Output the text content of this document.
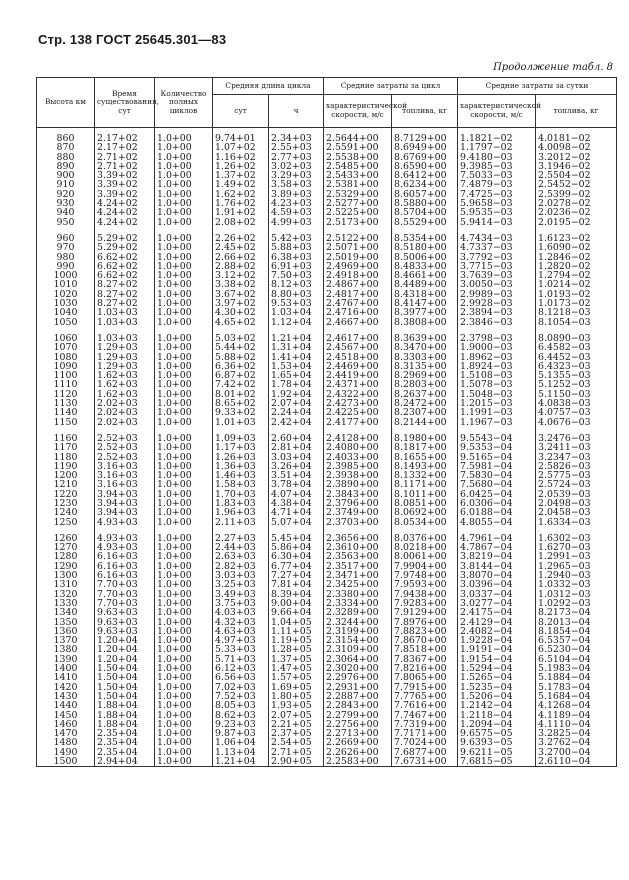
Стр. 138 ГОСТ 25645.301—83
Продолжение табл. 8
Высота км	Время существования, сут	Количество полных циклов	Средняя длина цикла		Средние затраты за цикл		Средние затраты за сутки	
			сут	ч	характеристической скорости, м/с	топлива, кг	характеристической скорости, м/с	топлива, кг
860	2.17+02	1.0+00	9.74+01	2.34+03	2.5644+00	8.7129+00	1.1821−02	4.0181−02
870	2.17+02	1.0+00	1.07+02	2.55+03	2.5591+00	8.6949+00	1.1797−02	4.0098−02
880	2.71+02	1.0+00	1.16+02	2.77+03	2.5538+00	8.6769+00	9.4180−03	3.2012−02
890	2.71+02	1.0+00	1.26+02	3.02+03	2.5485+00	8.6590+00	9.3985−03	3.1946−02
900	3.39+02	1.0+00	1.37+02	3.29+03	2.5433+00	8.6412+00	7.5033−03	2.5504−02
910	3.39+02	1.0+00	1.49+02	3.58+03	2.5381+00	8.6234+00	7.4879−03	2.5452−02
920	3.39+02	1.0+00	1.62+02	3.89+03	2.5329+00	8.6057+00	7.4725−03	2.5399−02
930	4.24+02	1.0+00	1.76+02	4.23+03	2.5277+00	8.5880+00	5.9658−03	2.0278−02
940	4.24+02	1.0+00	1.91+02	4.59+03	2.5225+00	8.5704+00	5.9535−03	2.0236−02
950	4.24+02	1.0+00	2.08+02	4.99+03	2.5173+00	8.5529+00	5.9414−03	2.0195−02

960	5.29+02	1.0+00	2.26+02	5.42+03	2.5122+00	8.5354+00	4.7434−03	1.6123−02
970	5.29+02	1.0+00	2.45+02	5.88+03	2.5071+00	8.5180+00	4.7337−03	1.6090−02
980	6.62+02	1.0+00	2.66+02	6.38+03	2.5019+00	8.5006+00	3.7792−03	1.2846−02
990	6.62+02	1.0+00	2.88+02	6.91+03	2.4969+00	8.4833+00	3.7715−03	1.2820−02
1000	6.62+02	1.0+00	3.12+02	7.50+03	2.4918+00	8.4661+00	3.7639−03	1.2794−02
1010	8.27+02	1.0+00	3.38+02	8.12+03	2.4867+00	8.4489+00	3.0050−03	1.0214−02
1020	8.27+02	1.0+00	3.67+02	8.80+03	2.4817+00	8.4318+00	2.9989−03	1.0193−02
1030	8.27+02	1.0+00	3.97+02	9.53+03	2.4767+00	8.4147+00	2.9928−03	1.0173−02
1040	1.03+03	1.0+00	4.30+02	1.03+04	2.4716+00	8.3977+00	2.3894−03	8.1218−03
1050	1.03+03	1.0+00	4.65+02	1.12+04	2.4667+00	8.3808+00	2.3846−03	8.1054−03

1060	1.03+03	1.0+00	5.03+02	1.21+04	2.4617+00	8.3639+00	2.3798−03	8.0890−03
1070	1.29+03	1.0+00	5.44+02	1.31+04	2.4567+00	8.3470+00	1.9000−03	6.4582−03
1080	1.29+03	1.0+00	5.88+02	1.41+04	2.4518+00	8.3303+00	1.8962−03	6.4452−03
1090	1.29+03	1.0+00	6.36+02	1.53+04	2.4469+00	8.3135+00	1.8924−03	6.4323−03
1100	1.62+03	1.0+00	6.87+02	1.65+04	2.4419+00	8.2969+00	1.5108−03	5.1355−03
1110	1.62+03	1.0+00	7.42+02	1.78+04	2.4371+00	8.2803+00	1.5078−03	5.1252−03
1120	1.62+03	1.0+00	8.01+02	1.92+04	2.4322+00	8.2637+00	1.5048−03	5.1150−03
1130	2.02+03	1.0+00	8.65+02	2.07+04	2.4273+00	8.2472+00	1.2015−03	4.0838−03
1140	2.02+03	1.0+00	9.33+02	2.24+04	2.4225+00	8.2307+00	1.1991−03	4.0757−03
1150	2.02+03	1.0+00	1.01+03	2.42+04	2.4177+00	8.2144+00	1.1967−03	4.0676−03

1160	2.52+03	1.0+00	1.09+03	2.60+04	2.4128+00	8.1980+00	9.5543−04	3.2476−03
1170	2.52+03	1.0+00	1.17+03	2.81+04	2.4080+00	8.1817+00	9.5353−04	3.2411−03
1180	2.52+03	1.0+00	1.26+03	3.03+04	2.4033+00	8.1655+00	9.5165−04	3.2347−03
1190	3.16+03	1.0+00	1.36+03	3.26+04	2.3985+00	8.1493+00	7.5981−04	2.5826−03
1200	3.16+03	1.0+00	1.46+03	3.51+04	2.3938+00	8.1332+00	7.5830−04	2.5775−03
1210	3.16+03	1.0+00	1.58+03	3.78+04	2.3890+00	8.1171+00	7.5680−04	2.5724−03
1220	3.94+03	1.0+00	1.70+03	4.07+04	2.3843+00	8.1011+00	6.0425−04	2.0539−03
1230	3.94+03	1.0+00	1.83+03	4.38+04	2.3796+00	8.0851+00	6.0306−04	2.0498−03
1240	3.94+03	1.0+00	1.96+03	4.71+04	2.3749+00	8.0692+00	6.0188−04	2.0458−03
1250	4.93+03	1.0+00	2.11+03	5.07+04	2.3703+00	8.0534+00	4.8055−04	1.6334−03

1260	4.93+03	1.0+00	2.27+03	5.45+04	2.3656+00	8.0376+00	4.7961−04	1.6302−03
1270	4.93+03	1.0+00	2.44+03	5.86+04	2.3610+00	8.0218+00	4.7867−04	1.6270−03
1280	6.16+03	1.0+00	2.63+03	6.30+04	2.3563+00	8.0061+00	3.8219−04	1.2991−03
1290	6.16+03	1.0+00	2.82+03	6.77+04	2.3517+00	7.9904+00	3.8144−04	1.2965−03
1300	6.16+03	1.0+00	3.03+03	7.27+04	2.3471+00	7.9748+00	3.8070−04	1.2940−03
1310	7.70+03	1.0+00	3.25+03	7.81+04	2.3425+00	7.9593+00	3.0396−04	1.0332−03
1320	7.70+03	1.0+00	3.49+03	8.39+04	2.3380+00	7.9438+00	3.0337−04	1.0312−03
1330	7.70+03	1.0+00	3.75+03	9.00+04	2.3334+00	7.9283+00	3.0277−04	1.0292−03
1340	9.63+03	1.0+00	4.03+03	9.66+04	2.3289+00	7.9129+00	2.4175−04	8.2173−04
1350	9.63+03	1.0+00	4.32+03	1.04+05	2.3244+00	7.8976+00	2.4129−04	8.2013−04
1360	9.63+03	1.0+00	4.63+03	1.11+05	2.3199+00	7.8823+00	2.4082−04	8.1854−04
1370	1.20+04	1.0+00	4.97+03	1.19+05	2.3154+00	7.8670+00	1.9228−04	6.5357−04
1380	1.20+04	1.0+00	5.33+03	1.28+05	2.3109+00	7.8518+00	1.9191−04	6.5230−04
1390	1.20+04	1.0+00	5.71+03	1.37+05	2.3064+00	7.8367+00	1.9154−04	6.5104−04
1400	1.50+04	1.0+00	6.12+03	1.47+05	2.3020+00	7.8216+00	1.5294−04	5.1983−04
1410	1.50+04	1.0+00	6.56+03	1.57+05	2.2976+00	7.8065+00	1.5265−04	5.1884−04
1420	1.50+04	1.0+00	7.02+03	1.69+05	2.2931+00	7.7915+00	1.5235−04	5.1783−04
1430	1.50+04	1.0+00	7.52+03	1.80+05	2.2887+00	7.7765+00	1.5206−04	5.1684−04
1440	1.88+04	1.0+00	8.05+03	1.93+05	2.2843+00	7.7616+00	1.2142−04	4.1268−04
1450	1.88+04	1.0+00	8.62+03	2.07+05	2.2799+00	7.7467+00	1.2118−04	4.1189−04
1460	1.88+04	1.0+00	9.23+03	2.21+05	2.2756+00	7.7319+00	1.2094−04	4.1110−04
1470	2.35+04	1.0+00	9.87+03	2.37+05	2.2713+00	7.7171+00	9.6575−05	3.2825−04
1480	2.35+04	1.0+00	1.06+04	2.54+05	2.2669+00	7.7024+00	9.6393−05	3.2762−04
1490	2.35+04	1.0+00	1.13+04	2.71+05	2.2626+00	7.6877+00	9.6211−05	3.2700−04
1500	2.94+04	1.0+00	1.21+04	2.90+05	2.2583+00	7.6731+00	7.6815−05	2.6110−04
